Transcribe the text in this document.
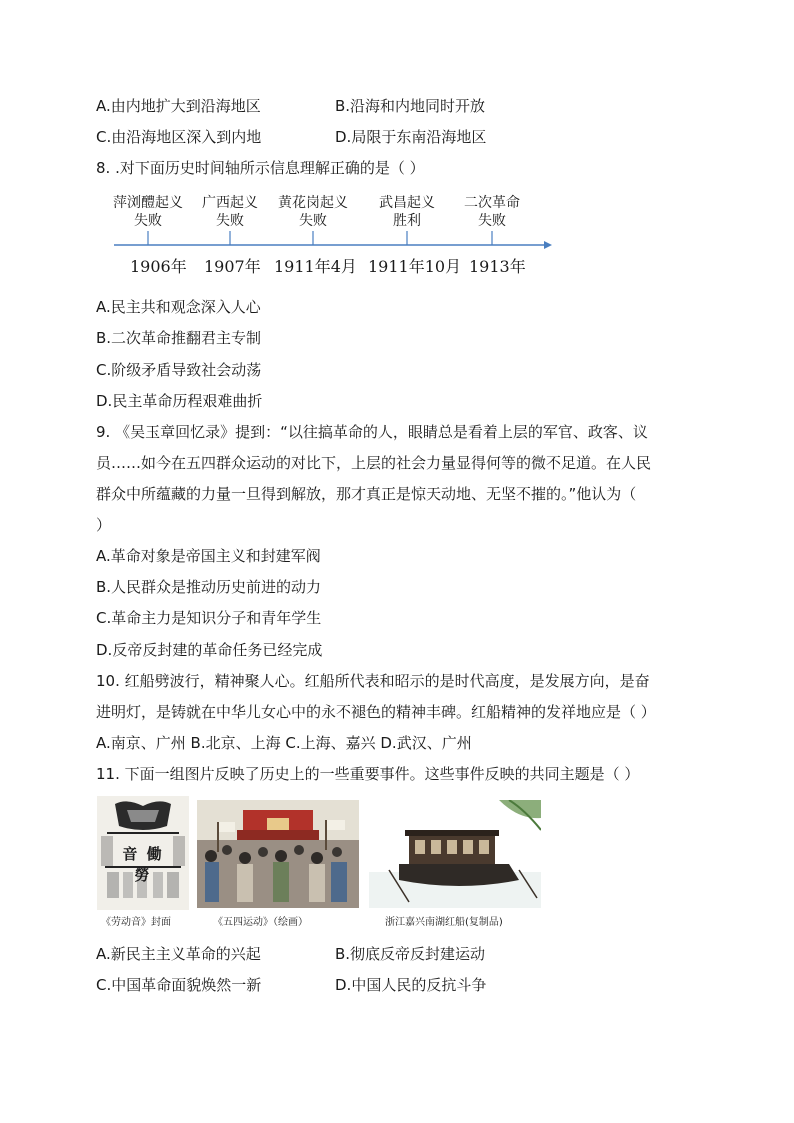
A.由内地扩大到沿海地区	B.沿海和内地同时开放
C.由沿海地区深入到内地	D.局限于东南沿海地区
8. .对下面历史时间轴所示信息理解正确的是（ ）
萍浏醴起义
失败
广西起义
失败
黄花岗起义
失败
武昌起义
胜利
二次革命
失败
1906年 1907年 1911年4月 1911年10月 1913年
A.民主共和观念深入人心
B.二次革命推翻君主专制
C.阶级矛盾导致社会动荡
D.民主革命历程艰难曲折
9. 《吴玉章回忆录》提到：“以往搞革命的人，眼睛总是看着上层的军官、政客、议
员……如今在五四群众运动的对比下，上层的社会力量显得何等的微不足道。在人民
群众中所蕴藏的力量一旦得到解放，那才真正是惊天动地、无坚不摧的。”他认为（
）
A.革命对象是帝国主义和封建军阀
B.人民群众是推动历史前进的动力
C.革命主力是知识分子和青年学生
D.反帝反封建的革命任务已经完成
10. 红船劈波行，精神聚人心。红船所代表和昭示的是时代高度，是发展方向，是奋
进明灯，是铸就在中华儿女心中的永不褪色的精神丰碑。红船精神的发祥地应是（ ）
A.南京、广州 B.北京、上海 C.上海、嘉兴 D.武汉、广州
11. 下面一组图片反映了历史上的一些重要事件。这些事件反映的共同主题是（ ）
音 働 勞
《劳动音》封面	《五四运动》（绘画）	浙江嘉兴南湖红船(复制品)
A.新民主主义革命的兴起	B.彻底反帝反封建运动
C.中国革命面貌焕然一新	D.中国人民的反抗斗争
